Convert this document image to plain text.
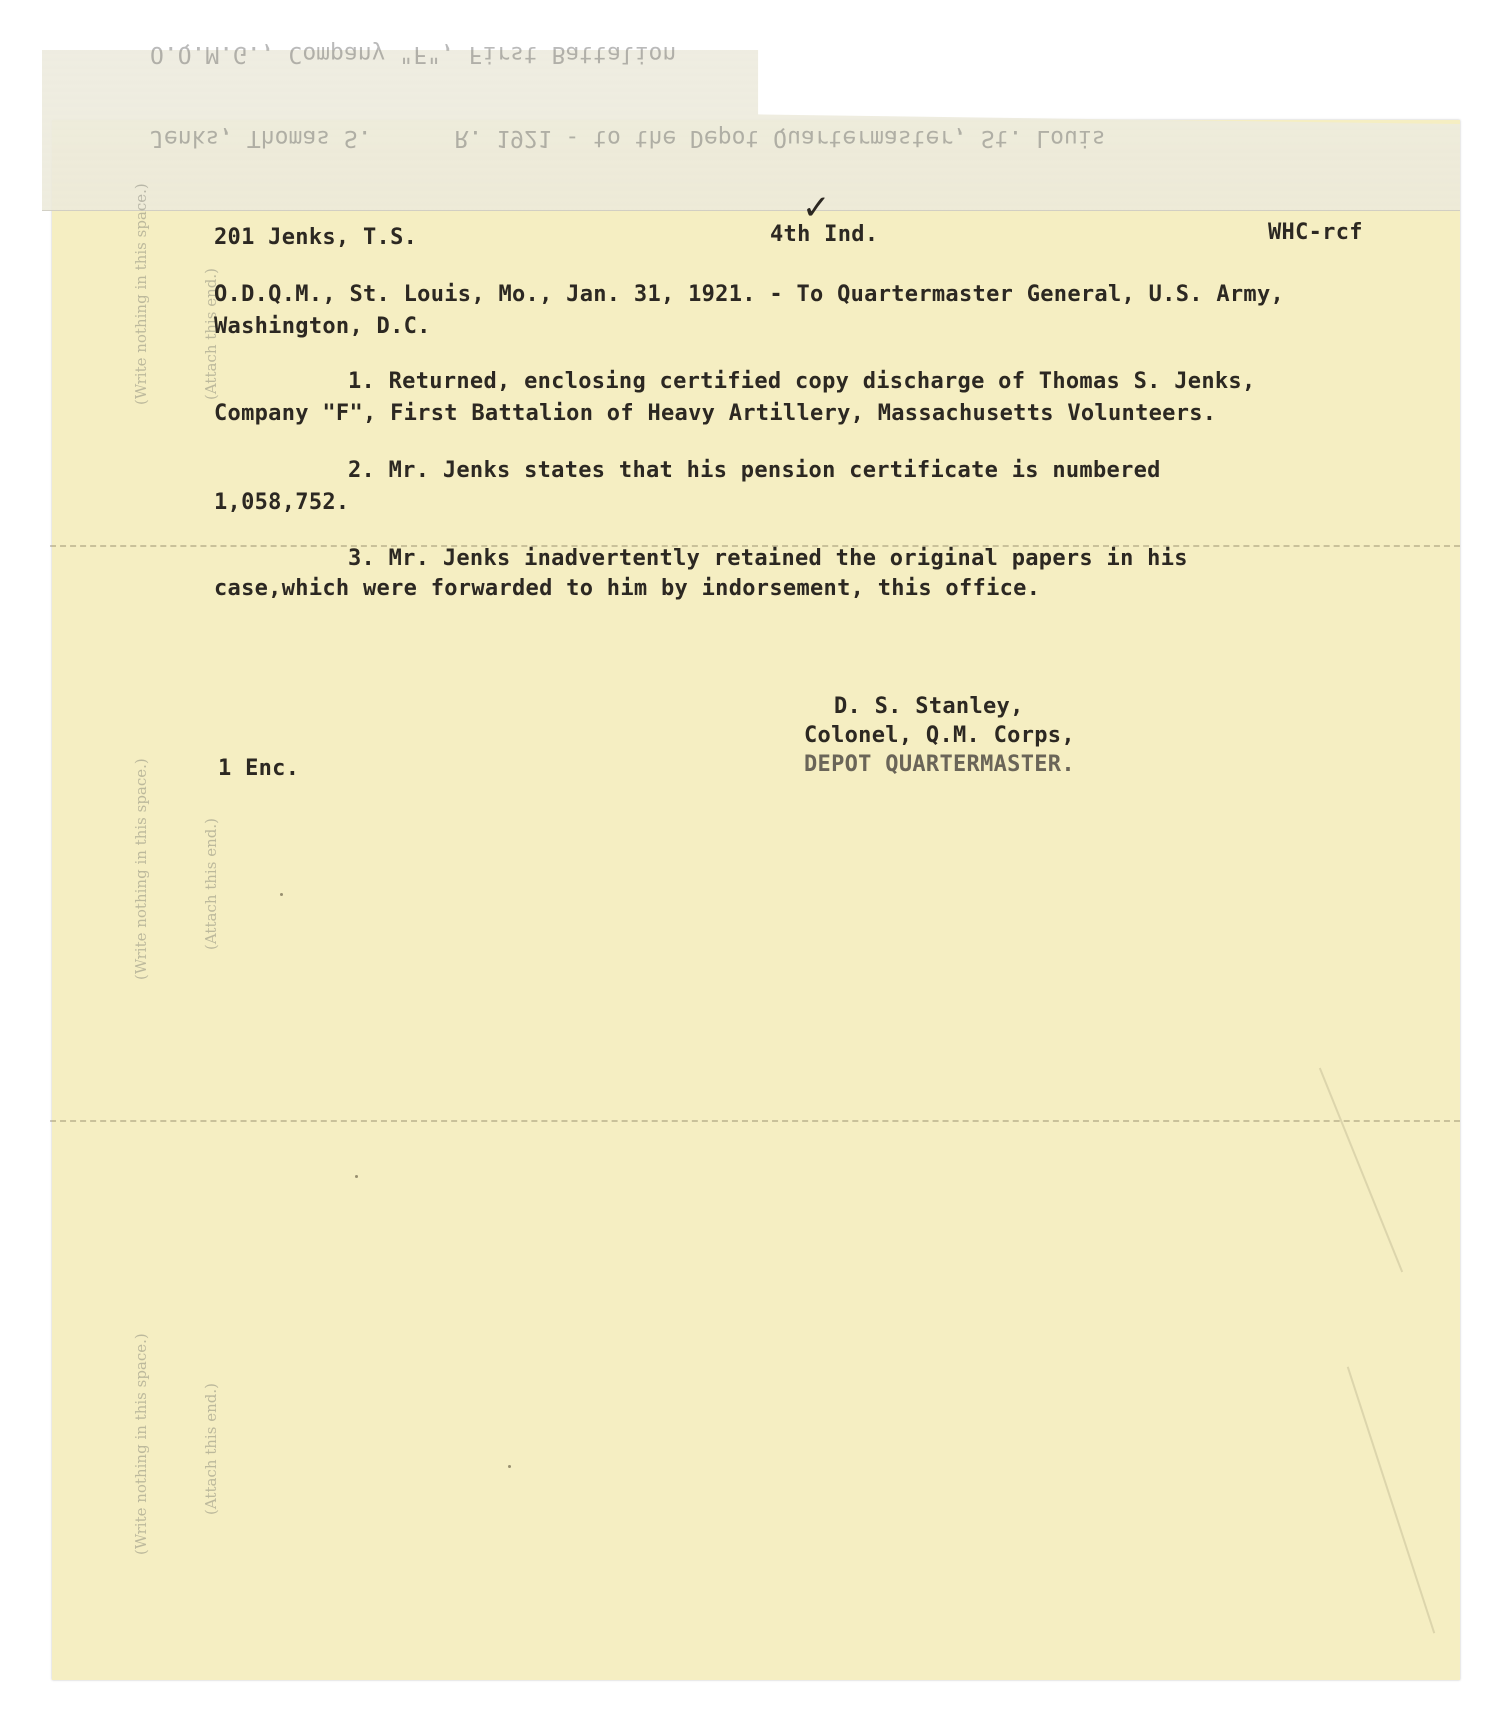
Jenks, Thomas S.      R. 1921 - to the Depot Quartermaster, St. Louis

O.Q.M.G., Company "F", First Battalion

(Write nothing in this space.)	(Attach this end.)
(Write nothing in this space.)	(Attach this end.)
(Write nothing in this space.)	(Attach this end.)
201 Jenks, T.S.
✓
4th Ind.	WHC-rcf
O.D.Q.M., St. Louis, Mo., Jan. 31, 1921. - To Quartermaster General, U.S. Army,
Washington, D.C.
1. Returned, enclosing certified copy discharge of Thomas S. Jenks,
Company "F", First Battalion of Heavy Artillery, Massachusetts Volunteers.
2. Mr. Jenks states that his pension certificate is numbered
1,058,752.
3. Mr. Jenks inadvertently retained the original papers in his
case,which were forwarded to him by indorsement, this office.
D. S. Stanley,
Colonel, Q.M. Corps,
DEPOT QUARTERMASTER.
1 Enc.
